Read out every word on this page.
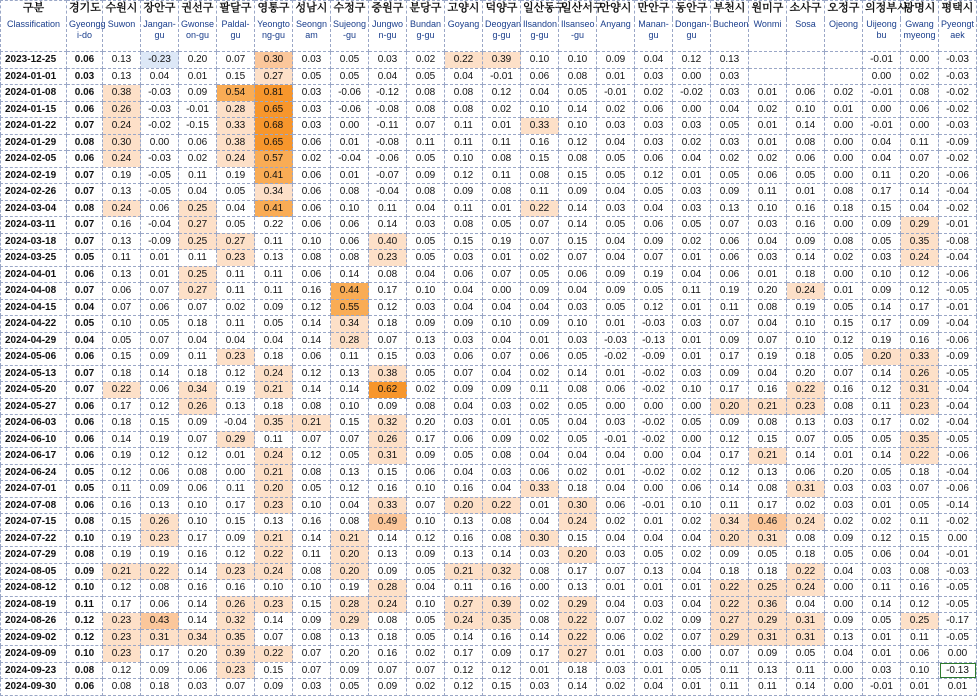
구분	경기도	수원시	장안구	권선구	팔달구	영통구	성남시	수정구	중원구	분당구	고양시	덕양구	일산동구	일산서구	안양시	만안구	동안구	부천시	원미구	소사구	오정구	의정부시	광명시	평택시
Classification	Gyeongg i-do	Suwon	Jangan-gu	Gwonse on-gu	Paldal-gu	Yeongto ng-gu	Seongn am	Sujeong -gu	Jungwo n-gu	Bundan g-gu	Goyang	Deogyan g-gu	Ilsandon g-gu	Ilsanseo -gu	Anyang	Manan-gu	Dongan-gu	Bucheon	Wonmi	Sosa	Ojeong	Uijeong bu	Gwang myeong	Pyeongt aek
2023-12-25	0.06	0.13	-0.23	0.20	0.07	0.30	0.03	0.05	0.03	0.02	0.22	0.39	0.10	0.10	0.09	0.04	0.12	0.13				-0.01	0.00	-0.03
2024-01-01	0.03	0.13	0.04	0.01	0.15	0.27	0.05	0.05	0.04	0.05	0.04	-0.01	0.06	0.08	0.01	0.03	0.00	0.03				0.00	0.02	-0.03
2024-01-08	0.06	0.38	-0.03	0.09	0.54	0.81	0.03	-0.06	-0.12	0.08	0.08	0.12	0.04	0.05	-0.01	0.02	-0.02	0.03	0.01	0.06	0.02	-0.01	0.08	-0.02
2024-01-15	0.06	0.26	-0.03	-0.01	0.28	0.65	0.03	-0.06	-0.08	0.08	0.08	0.02	0.10	0.14	0.02	0.06	0.00	0.04	0.02	0.10	0.01	0.00	0.06	-0.02
2024-01-22	0.07	0.24	-0.02	-0.15	0.33	0.68	0.03	0.00	-0.11	0.07	0.11	0.01	0.33	0.10	0.03	0.03	0.03	0.05	0.01	0.14	0.00	-0.01	0.00	-0.03
2024-01-29	0.08	0.30	0.00	0.06	0.38	0.65	0.06	0.01	-0.08	0.11	0.11	0.11	0.16	0.12	0.04	0.03	0.02	0.03	0.01	0.08	0.00	0.04	0.11	-0.09
2024-02-05	0.06	0.24	-0.03	0.02	0.24	0.57	0.02	-0.04	-0.06	0.05	0.10	0.08	0.15	0.08	0.05	0.06	0.04	0.02	0.02	0.06	0.00	0.04	0.07	-0.02
2024-02-19	0.07	0.19	-0.05	0.11	0.19	0.41	0.06	0.01	-0.07	0.09	0.12	0.11	0.08	0.15	0.05	0.12	0.01	0.05	0.06	0.05	0.00	0.11	0.20	-0.06
2024-02-26	0.07	0.13	-0.05	0.04	0.05	0.34	0.06	0.08	-0.04	0.08	0.09	0.08	0.11	0.09	0.04	0.05	0.03	0.09	0.11	0.01	0.08	0.17	0.14	-0.04
2024-03-04	0.08	0.24	0.06	0.25	0.04	0.41	0.06	0.10	0.11	0.04	0.11	0.01	0.22	0.14	0.03	0.04	0.03	0.13	0.10	0.16	0.18	0.15	0.04	-0.02
2024-03-11	0.07	0.16	-0.04	0.27	0.05	0.22	0.06	0.06	0.14	0.03	0.08	0.05	0.07	0.14	0.05	0.06	0.05	0.07	0.03	0.16	0.00	0.09	0.29	-0.01
2024-03-18	0.07	0.13	-0.09	0.25	0.27	0.11	0.10	0.06	0.40	0.05	0.15	0.19	0.07	0.15	0.04	0.09	0.02	0.06	0.04	0.09	0.08	0.05	0.35	-0.08
2024-03-25	0.05	0.11	0.01	0.11	0.23	0.13	0.08	0.08	0.23	0.05	0.03	0.01	0.02	0.07	0.04	0.07	0.01	0.06	0.03	0.14	0.02	0.03	0.24	-0.04
2024-04-01	0.06	0.13	0.01	0.25	0.11	0.11	0.06	0.14	0.08	0.04	0.06	0.07	0.05	0.06	0.09	0.19	0.04	0.06	0.01	0.18	0.00	0.10	0.12	-0.06
2024-04-08	0.07	0.06	0.07	0.27	0.11	0.11	0.16	0.44	0.17	0.10	0.04	0.00	0.09	0.04	0.09	0.05	0.11	0.19	0.20	0.24	0.01	0.09	0.12	-0.05
2024-04-15	0.04	0.07	0.06	0.07	0.02	0.09	0.12	0.55	0.12	0.03	0.04	0.04	0.04	0.03	0.05	0.12	0.01	0.11	0.08	0.19	0.05	0.14	0.17	-0.01
2024-04-22	0.05	0.10	0.05	0.18	0.11	0.05	0.14	0.34	0.18	0.09	0.09	0.10	0.09	0.10	0.01	-0.03	0.03	0.07	0.04	0.10	0.15	0.17	0.09	-0.04
2024-04-29	0.04	0.05	0.07	0.04	0.04	0.04	0.14	0.28	0.07	0.13	0.03	0.04	0.01	0.03	-0.03	-0.13	0.01	0.09	0.07	0.10	0.12	0.19	0.16	-0.06
2024-05-06	0.06	0.15	0.09	0.11	0.23	0.18	0.06	0.11	0.15	0.03	0.06	0.07	0.06	0.05	-0.02	-0.09	0.01	0.17	0.19	0.18	0.05	0.20	0.33	-0.09
2024-05-13	0.07	0.18	0.14	0.18	0.12	0.24	0.12	0.13	0.38	0.05	0.07	0.04	0.02	0.14	0.01	-0.02	0.03	0.09	0.04	0.20	0.07	0.14	0.26	-0.05
2024-05-20	0.07	0.22	0.06	0.34	0.19	0.21	0.14	0.14	0.62	0.02	0.09	0.09	0.11	0.08	0.06	-0.02	0.10	0.17	0.16	0.22	0.16	0.12	0.31	-0.04
2024-05-27	0.06	0.17	0.12	0.26	0.13	0.18	0.08	0.10	0.09	0.08	0.04	0.03	0.02	0.05	0.00	0.00	0.00	0.20	0.21	0.23	0.08	0.11	0.23	-0.04
2024-06-03	0.06	0.18	0.15	0.09	-0.04	0.35	0.21	0.15	0.32	0.20	0.03	0.01	0.05	0.04	0.03	-0.02	0.05	0.09	0.08	0.13	0.03	0.17	0.02	-0.04
2024-06-10	0.06	0.14	0.19	0.07	0.29	0.11	0.07	0.07	0.26	0.17	0.06	0.09	0.02	0.05	-0.01	-0.02	0.00	0.12	0.15	0.07	0.05	0.05	0.35	-0.05
2024-06-17	0.06	0.19	0.12	0.12	0.01	0.24	0.12	0.05	0.31	0.09	0.05	0.08	0.04	0.04	0.04	0.00	0.04	0.17	0.21	0.14	0.01	0.14	0.22	-0.06
2024-06-24	0.05	0.12	0.06	0.08	0.00	0.21	0.08	0.13	0.15	0.06	0.04	0.03	0.06	0.02	0.01	-0.02	0.02	0.12	0.13	0.06	0.20	0.05	0.18	-0.04
2024-07-01	0.05	0.11	0.09	0.06	0.11	0.20	0.05	0.12	0.16	0.10	0.16	0.04	0.33	0.18	0.04	0.00	0.06	0.14	0.08	0.31	0.03	0.03	0.07	-0.06
2024-07-08	0.06	0.16	0.13	0.10	0.17	0.23	0.10	0.04	0.33	0.07	0.20	0.22	0.01	0.30	0.06	-0.01	0.10	0.11	0.17	0.02	0.03	0.01	0.05	-0.14
2024-07-15	0.08	0.15	0.26	0.10	0.15	0.13	0.16	0.08	0.49	0.10	0.13	0.08	0.04	0.24	0.02	0.01	0.02	0.34	0.46	0.24	0.02	0.02	0.11	-0.02
2024-07-22	0.10	0.19	0.23	0.17	0.09	0.21	0.14	0.21	0.14	0.12	0.16	0.08	0.30	0.15	0.04	0.04	0.04	0.20	0.31	0.08	0.09	0.12	0.15	0.00
2024-07-29	0.08	0.19	0.19	0.16	0.12	0.22	0.11	0.20	0.13	0.09	0.13	0.14	0.03	0.20	0.03	0.05	0.02	0.09	0.05	0.18	0.05	0.06	0.04	-0.01
2024-08-05	0.09	0.21	0.22	0.14	0.23	0.24	0.08	0.20	0.09	0.05	0.21	0.32	0.08	0.17	0.07	0.13	0.04	0.18	0.18	0.22	0.04	0.03	0.08	-0.03
2024-08-12	0.10	0.12	0.08	0.16	0.16	0.10	0.10	0.19	0.28	0.04	0.11	0.16	0.00	0.13	0.01	0.01	0.01	0.22	0.25	0.24	0.00	0.11	0.16	-0.05
2024-08-19	0.11	0.17	0.06	0.14	0.26	0.23	0.15	0.28	0.24	0.10	0.27	0.39	0.02	0.29	0.04	0.03	0.04	0.22	0.36	0.04	0.00	0.14	0.12	-0.05
2024-08-26	0.12	0.23	0.43	0.14	0.32	0.14	0.09	0.29	0.08	0.05	0.24	0.35	0.08	0.22	0.07	0.02	0.09	0.27	0.29	0.31	0.09	0.05	0.25	-0.17
2024-09-02	0.12	0.23	0.31	0.34	0.35	0.07	0.08	0.13	0.18	0.05	0.14	0.16	0.14	0.22	0.06	0.02	0.07	0.29	0.31	0.31	0.13	0.01	0.11	-0.05
2024-09-09	0.10	0.23	0.17	0.20	0.39	0.22	0.07	0.20	0.16	0.02	0.17	0.09	0.17	0.27	0.01	0.03	0.00	0.07	0.09	0.05	0.04	0.01	0.06	0.00
2024-09-23	0.08	0.12	0.09	0.06	0.23	0.15	0.07	0.09	0.07	0.07	0.12	0.12	0.01	0.18	0.03	0.01	0.05	0.11	0.13	0.11	0.00	0.03	0.10	-0.13
2024-09-30	0.06	0.08	0.18	0.03	0.07	0.09	0.03	0.05	0.09	0.02	0.12	0.15	0.03	0.14	0.02	0.04	0.01	0.11	0.11	0.14	0.00	-0.01	0.01	0.01
